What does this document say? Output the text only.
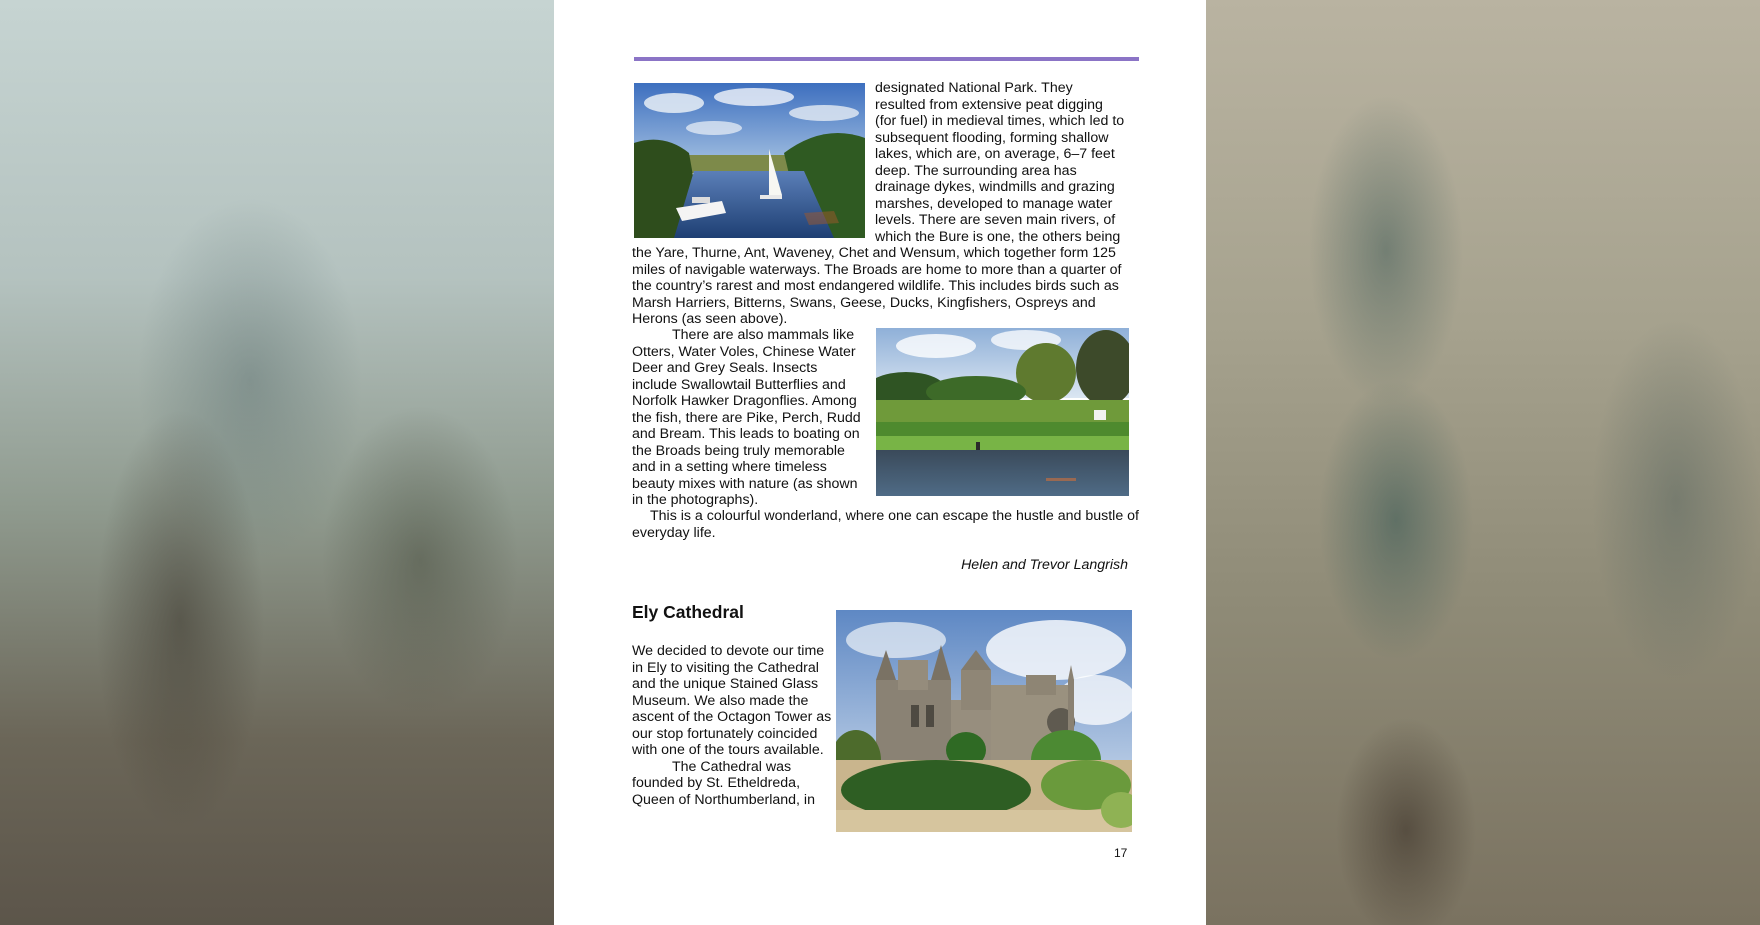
designated National Park. They
resulted from extensive peat digging
(for fuel) in medieval times, which led to
subsequent flooding, forming shallow
lakes, which are, on average, 6–7 feet
deep. The surrounding area has
drainage dykes, windmills and grazing
marshes, developed to manage water
levels. There are seven main rivers, of
which the Bure is one, the others being

the Yare, Thurne, Ant, Waveney, Chet and Wensum, which together form 125 miles of navigable waterways. The Broads are home to more than a quarter of the country’s rarest and most endangered wildlife. This includes birds such as Marsh Harriers, Bitterns, Swans, Geese, Ducks, Kingfishers, Ospreys and Herons (as seen above).

There are also mammals like Otters, Water Voles, Chinese Water Deer and Grey Seals. Insects include Swallowtail Butterflies and Norfolk Hawker Dragonflies. Among the fish, there are Pike, Perch, Rudd and Bream. This leads to boating on the Broads being truly memorable and in a setting where timeless beauty mixes with nature (as shown in the photographs).

This is a colourful wonderland, where one can escape the hustle and bustle of everyday life.

Helen and Trevor Langrish
Ely Cathedral
We decided to devote our time in Ely to visiting the Cathedral and the unique Stained Glass Museum. We also made the ascent of the Octagon Tower as our stop fortunately coincided with one of the tours available.
The Cathedral was founded by St. Etheldreda, Queen of Northumberland, in
17
